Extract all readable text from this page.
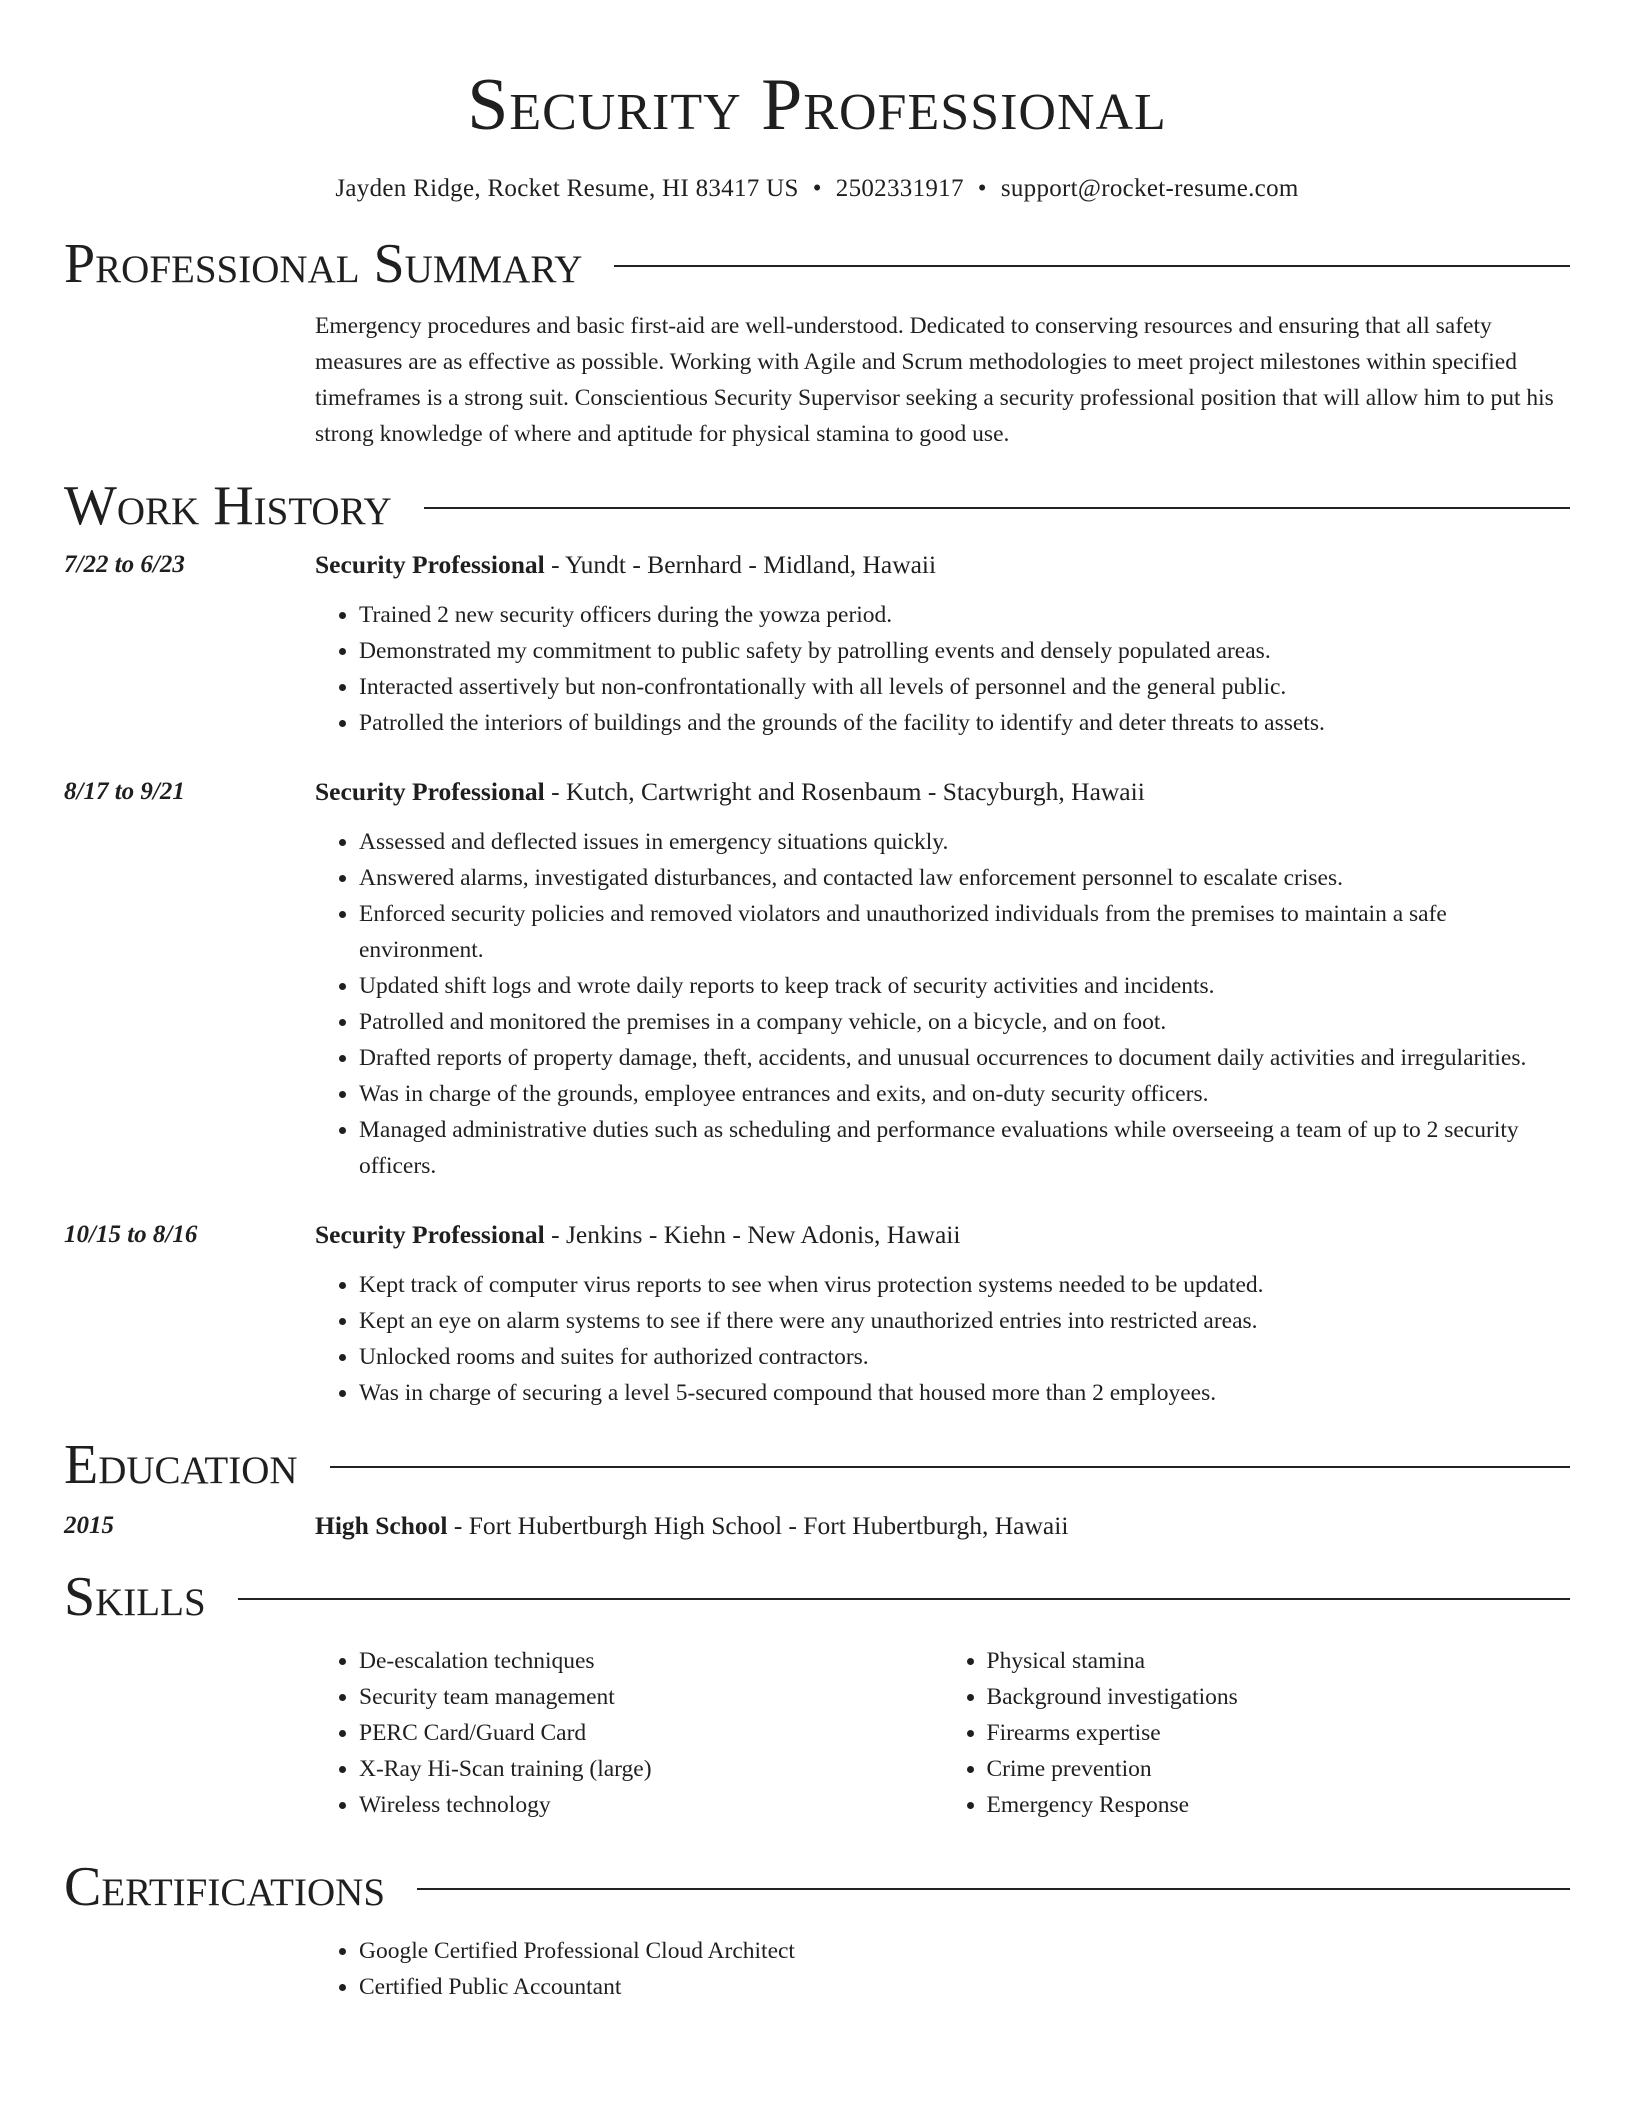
Security Professional
Jayden Ridge, Rocket Resume, HI 83417 US • 2502331917 • support@rocket-resume.com
Professional Summary
Emergency procedures and basic first-aid are well-understood. Dedicated to conserving resources and ensuring that all safety measures are as effective as possible. Working with Agile and Scrum methodologies to meet project milestones within specified timeframes is a strong suit. Conscientious Security Supervisor seeking a security professional position that will allow him to put his strong knowledge of where and aptitude for physical stamina to good use.
Work History
7/22 to 6/23	Security Professional - Yundt - Bernhard - Midland, Hawaii
• Trained 2 new security officers during the yowza period.
• Demonstrated my commitment to public safety by patrolling events and densely populated areas.
• Interacted assertively but non-confrontationally with all levels of personnel and the general public.
• Patrolled the interiors of buildings and the grounds of the facility to identify and deter threats to assets.
8/17 to 9/21	Security Professional - Kutch, Cartwright and Rosenbaum - Stacyburgh, Hawaii
• Assessed and deflected issues in emergency situations quickly.
• Answered alarms, investigated disturbances, and contacted law enforcement personnel to escalate crises.
• Enforced security policies and removed violators and unauthorized individuals from the premises to maintain a safe environment.
• Updated shift logs and wrote daily reports to keep track of security activities and incidents.
• Patrolled and monitored the premises in a company vehicle, on a bicycle, and on foot.
• Drafted reports of property damage, theft, accidents, and unusual occurrences to document daily activities and irregularities.
• Was in charge of the grounds, employee entrances and exits, and on-duty security officers.
• Managed administrative duties such as scheduling and performance evaluations while overseeing a team of up to 2 security officers.
10/15 to 8/16	Security Professional - Jenkins - Kiehn - New Adonis, Hawaii
• Kept track of computer virus reports to see when virus protection systems needed to be updated.
• Kept an eye on alarm systems to see if there were any unauthorized entries into restricted areas.
• Unlocked rooms and suites for authorized contractors.
• Was in charge of securing a level 5-secured compound that housed more than 2 employees.
Education
2015	High School - Fort Hubertburgh High School - Fort Hubertburgh, Hawaii
Skills
• De-escalation techniques
• Security team management
• PERC Card/Guard Card
• X-Ray Hi-Scan training (large)
• Wireless technology
• Physical stamina
• Background investigations
• Firearms expertise
• Crime prevention
• Emergency Response
Certifications
• Google Certified Professional Cloud Architect
• Certified Public Accountant
